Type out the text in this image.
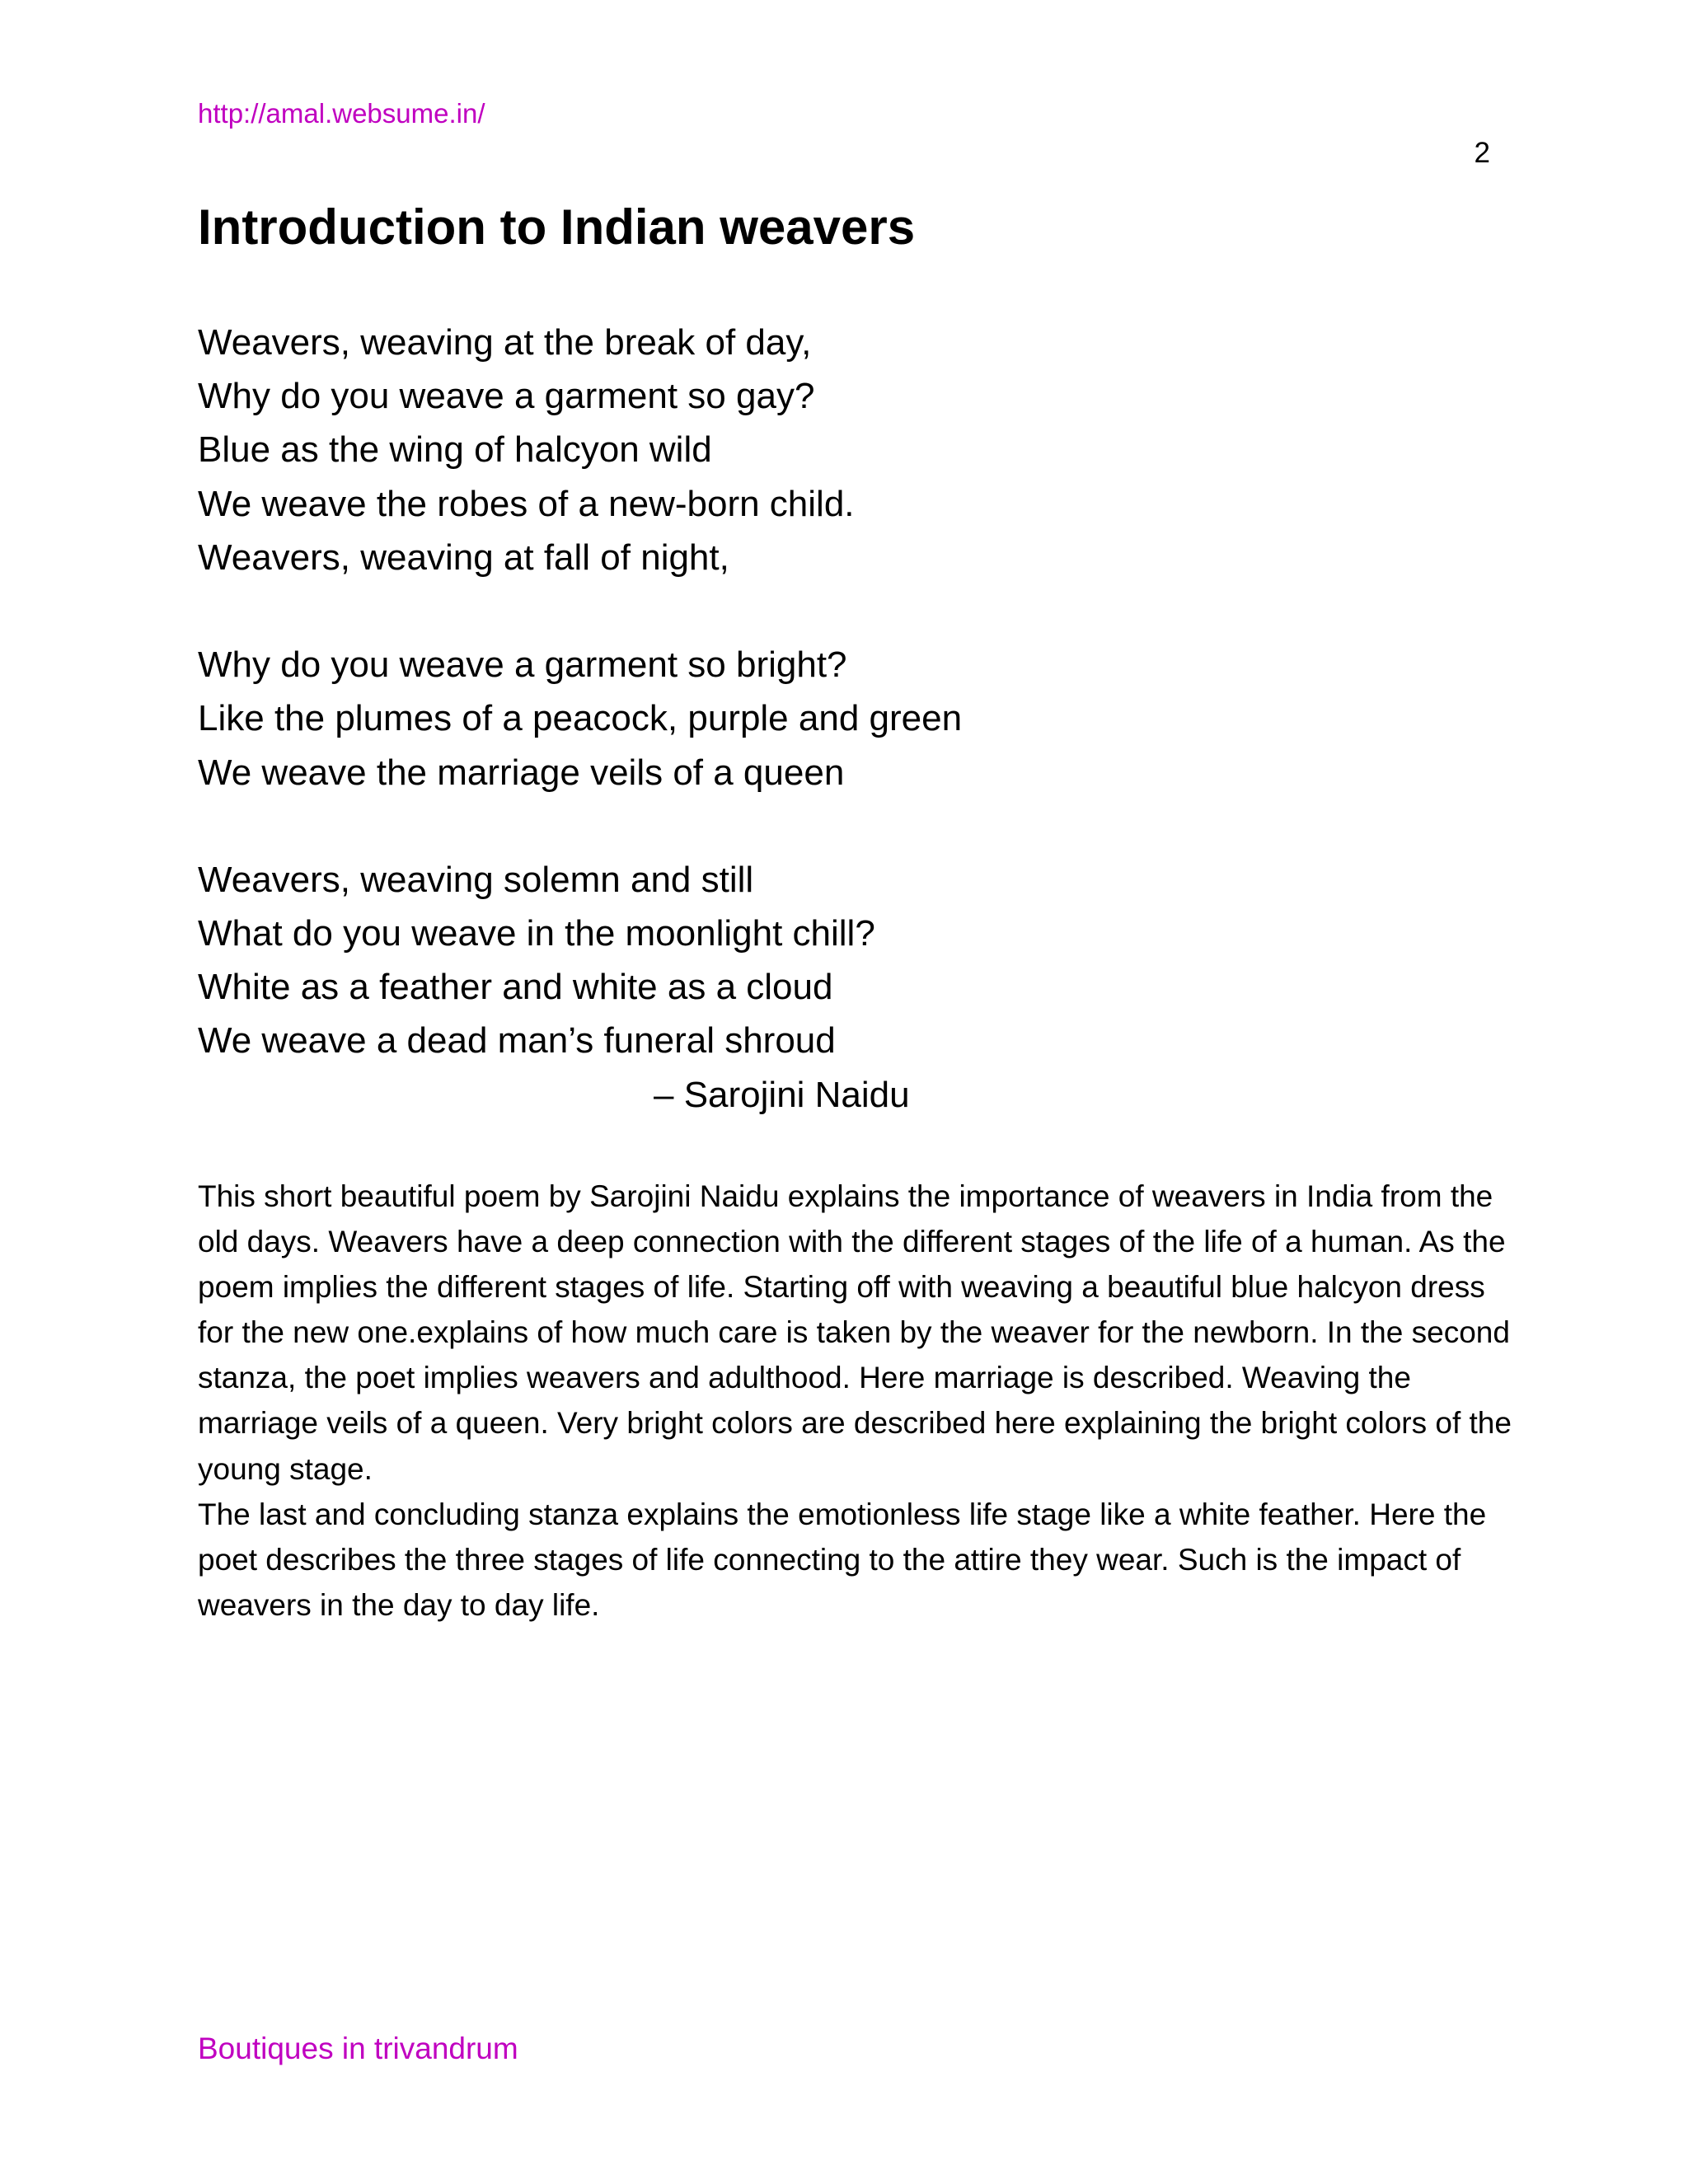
http://amal.websume.in/
2
Introduction to Indian weavers
Weavers, weaving at the break of day,
Why do you weave a garment so gay?
Blue as the wing of halcyon wild
We weave the robes of a new-born child.
Weavers, weaving at fall of night,
Why do you weave a garment so bright?
Like the plumes of a peacock, purple and green
We weave the marriage veils of a queen
Weavers, weaving solemn and still
What do you weave in the moonlight chill?
White as a feather and white as a cloud
We weave a dead man’s funeral shroud
– Sarojini Naidu

This short beautiful poem by Sarojini Naidu explains the importance of weavers in India from the old days. Weavers have a deep connection with the different stages of the life of a human. As the poem implies the different stages of life. Starting off with weaving a beautiful blue halcyon dress for the new one.explains of how much care is taken by the weaver for the newborn. In the second stanza, the poet implies weavers and adulthood. Here marriage is described. Weaving the marriage veils of a queen. Very bright colors are described here explaining the bright colors of the young stage.

The last and concluding stanza explains the emotionless life stage like a white feather. Here the poet describes the three stages of life connecting to the attire they wear. Such is the impact of weavers in the day to day life.

Boutiques in trivandrum
